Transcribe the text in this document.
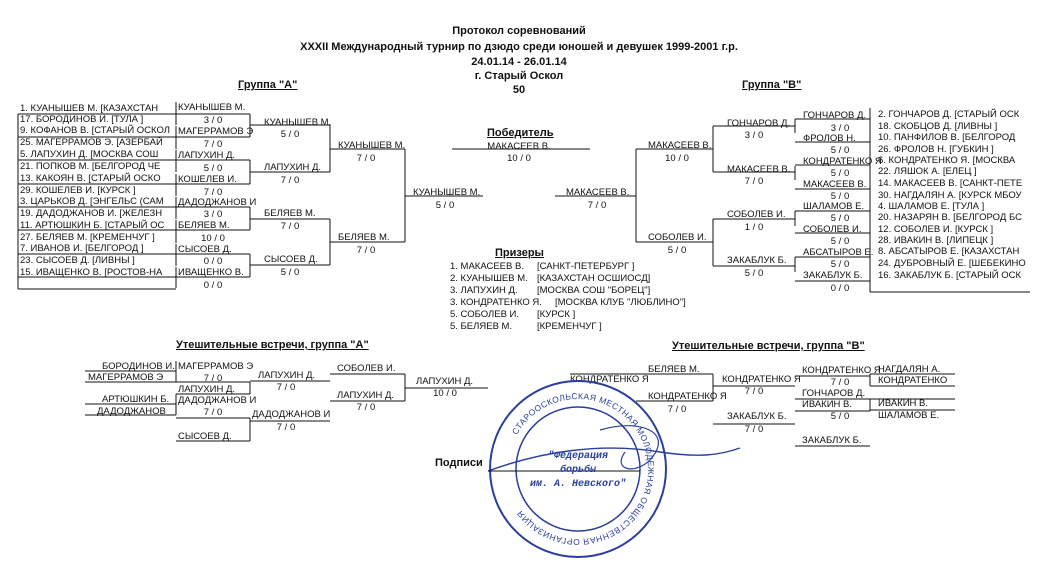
Протокол соревнований
XXXII Международный турнир по дзюдо среди юношей и девушек 1999-2001 г.р.
24.01.14 - 26.01.14
г. Старый Оскол
50
Группа "А"	Группа "В"
1. КУАНЫШЕВ М. [КАЗАХСТАН
17. БОРОДИНОВ И. [ТУЛА ]
9. КОФАНОВ В. [СТАРЫЙ ОСКОЛ
25. МАГЕРРАМОВ Э. [АЗЕРБАЙ
5. ЛАПУХИН Д. [МОСКВА СОШ
21. ПОПКОВ М. [БЕЛГОРОД ЧЕ
13. КАКОЯН В. [СТАРЫЙ ОСКО
29. КОШЕЛЕВ И. [КУРСК ]
3. ЦАРЬКОВ Д. [ЭНГЕЛЬС (САМ
19. ДАДОДЖАНОВ И. [ЖЕЛЕЗН
11. АРТЮШКИН Б. [СТАРЫЙ ОС
27. БЕЛЯЕВ М. [КРЕМЕНЧУГ ]
7. ИВАНОВ И. [БЕЛГОРОД ]
23. СЫСОЕВ Д. [ЛИВНЫ ]
15. ИВАЩЕНКО В. [РОСТОВ-НА
КУАНЫШЕВ М.
3 / 0
МАГЕРРАМОВ Э
7 / 0
ЛАПУХИН Д.
5 / 0
КОШЕЛЕВ И.
7 / 0
ДАДОДЖАНОВ И
3 / 0
БЕЛЯЕВ М.
10 / 0
СЫСОЕВ Д.
0 / 0
ИВАЩЕНКО В.
0 / 0
КУАНЫШЕВ М.
5 / 0
ЛАПУХИН Д.
7 / 0
БЕЛЯЕВ М.
7 / 0
СЫСОЕВ Д.
5 / 0
КУАНЫШЕВ М.
7 / 0
БЕЛЯЕВ М.
7 / 0
КУАНЫШЕВ М.
5 / 0
Победитель
МАКАСЕЕВ В.
10 / 0
МАКАСЕЕВ В.
7 / 0
МАКАСЕЕВ В.
10 / 0
СОБОЛЕВ И.
5 / 0
ГОНЧАРОВ Д.
3 / 0
МАКАСЕЕВ В.
7 / 0
СОБОЛЕВ И.
1 / 0
ЗАКАБЛУК Б.
5 / 0
ГОНЧАРОВ Д.
3 / 0
ФРОЛОВ Н.
5 / 0
КОНДРАТЕНКО Я
5 / 0
МАКАСЕЕВ В.
5 / 0
ШАЛАМОВ Е.
5 / 0
СОБОЛЕВ И.
5 / 0
АБСАТЫРОВ Е.
5 / 0
ЗАКАБЛУК Б.
0 / 0
2. ГОНЧАРОВ Д. [СТАРЫЙ ОСК
18. СКОБЦОВ Д. [ЛИВНЫ ]
10. ПАНФИЛОВ В. [БЕЛГОРОД
26. ФРОЛОВ Н. [ГУБКИН ]
6. КОНДРАТЕНКО Я. [МОСКВА
22. ЛЯШОК А. [ЕЛЕЦ ]
14. МАКАСЕЕВ В. [САНКТ-ПЕТЕ
30. НАГДАЛЯН А. [КУРСК МБОУ
4. ШАЛАМОВ Е. [ТУЛА ]
20. НАЗАРЯН В. [БЕЛГОРОД БС
12. СОБОЛЕВ И. [КУРСК ]
28. ИВАКИН В. [ЛИПЕЦК ]
8. АБСАТЫРОВ Е. [КАЗАХСТАН
24. ДУБРОВНЫЙ Е. [ШЕБЕКИНО
16. ЗАКАБЛУК Б. [СТАРЫЙ ОСК
Призеры
1. МАКАСЕЕВ В. [САНКТ-ПЕТЕРБУРГ ]
2. КУАНЫШЕВ М. [КАЗАХСТАН ОСШИОСД]
3. ЛАПУХИН Д. [МОСКВА СОШ "БОРЕЦ"]
3. КОНДРАТЕНКО Я. [МОСКВА КЛУБ "ЛЮБЛИНО"]
5. СОБОЛЕВ И. [КУРСК ]
5. БЕЛЯЕВ М.	[КРЕМЕНЧУГ ]
Утешительные встречи, группа "А"
БОРОДИНОВ И.
МАГЕРРАМОВ Э
АРТЮШКИН Б.
ДАДОДЖАНОВ
МАГЕРРАМОВ Э
7 / 0
ЛАПУХИН Д.
ДАДОДЖАНОВ И
7 / 0
СЫСОЕВ Д.
ЛАПУХИН Д.
7 / 0
ДАДОДЖАНОВ И
7 / 0
СОБОЛЕВ И.
ЛАПУХИН Д.
7 / 0
ЛАПУХИН Д.
10 / 0
Утешительные встречи, группа "В"
КОНДРАТЕНКО Я
БЕЛЯЕВ М.
КОНДРАТЕНКО Я
7 / 0
КОНДРАТЕНКО Я
7 / 0
ЗАКАБЛУК Б.
7 / 0
КОНДРАТЕНКО Я
7 / 0
ГОНЧАРОВ Д.
ИВАКИН В.
5 / 0
ЗАКАБЛУК Б.
НАГДАЛЯН А.
КОНДРАТЕНКО
ИВАКИН В.
ШАЛАМОВ Е.
Подписи
СТАРООСКОЛЬСКАЯ МЕСТНАЯ МОЛОДЕЖНАЯ ОБЩЕСТВЕННАЯ ОРГАНИЗАЦИЯ
"Федерация
борьбы
им. А. Невского"
